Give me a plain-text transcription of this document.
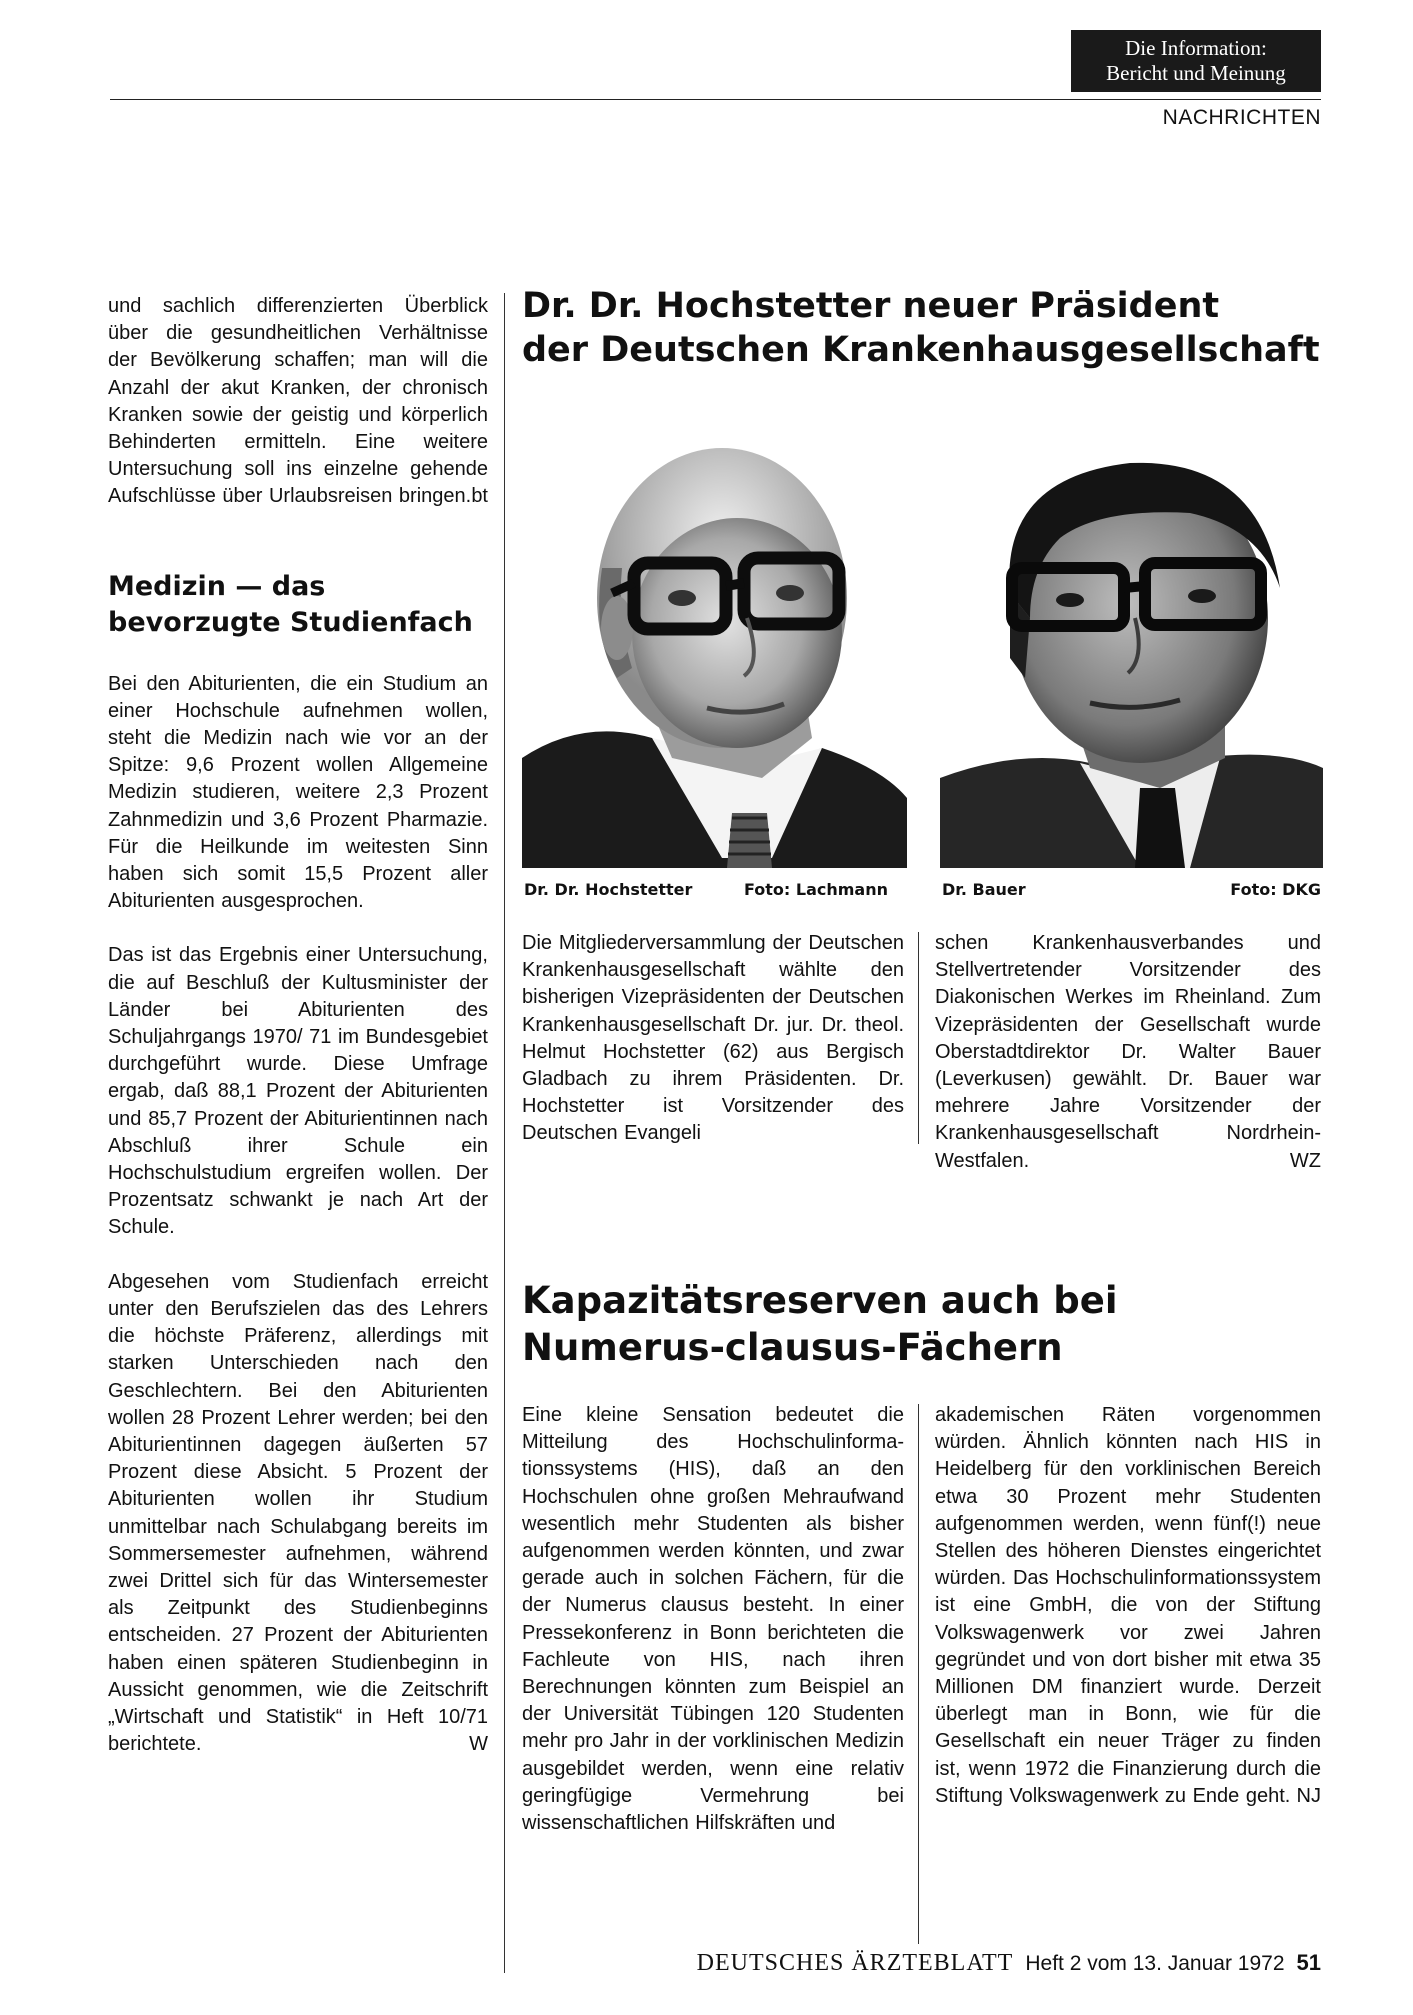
Die Information:
Bericht und Meinung
NACHRICHTEN

und sachlich differenzierten Überblick über die gesundheitlichen Verhältnisse der Bevölkerung schaffen; man will die Anzahl der akut Kranken, der chronisch Kranken sowie der geistig und körperlich Behinderten ermitteln. Eine weitere Untersuchung soll ins einzelne gehende Aufschlüsse über Urlaubsreisen bringen. bt

Medizin — das
bevorzugte Studienfach

Bei den Abiturienten, die ein Studium an einer Hochschule aufnehmen wollen, steht die Medizin nach wie vor an der Spitze: 9,6 Prozent wollen Allgemeine Medizin studieren, weitere 2,3 Prozent Zahnmedizin und 3,6 Prozent Pharmazie. Für die Heilkunde im weitesten Sinn haben sich somit 15,5 Prozent aller Abiturienten ausgesprochen.

Das ist das Ergebnis einer Untersuchung, die auf Beschluß der Kultusminister der Länder bei Abiturienten des Schuljahrgangs 1970/ 71 im Bundesgebiet durchgeführt wurde. Diese Umfrage ergab, daß 88,1 Prozent der Abiturienten und 85,7 Prozent der Abiturientinnen nach Abschluß ihrer Schule ein Hochschulstudium ergreifen wollen. Der Prozentsatz schwankt je nach Art der Schule.

Abgesehen vom Studienfach erreicht unter den Berufszielen das des Lehrers die höchste Präferenz, allerdings mit starken Unterschieden nach den Geschlechtern. Bei den Abiturienten wollen 28 Prozent Lehrer werden; bei den Abiturientinnen dagegen äußerten 57 Prozent diese Absicht. 5 Prozent der Abiturienten wollen ihr Studium unmittelbar nach Schulabgang bereits im Sommersemester aufnehmen, während zwei Drittel sich für das Wintersemester als Zeitpunkt des Studienbeginns entscheiden. 27 Prozent der Abiturienten haben einen späteren Studienbeginn in Aussicht genommen, wie die Zeitschrift „Wirtschaft und Statistik“ in Heft 10/71 berichtete.	W

Dr. Dr. Hochstetter neuer Präsident
der Deutschen Krankenhausgesellschaft
Dr. Dr. Hochstetter	Foto: Lachmann	Dr. Bauer	Foto: DKG

Die Mitgliederversammlung der Deutschen Krankenhausgesellschaft wählte den bisherigen Vizepräsidenten der Deutschen Krankenhausgesellschaft Dr. jur. Dr. theol. Helmut Hochstetter (62) aus Bergisch Gladbach zu ihrem Präsidenten. Dr. Hochstetter ist Vorsitzender des Deutschen Evangeli

schen Krankenhausverbandes und Stellvertretender Vorsitzender des Diakonischen Werkes im Rheinland. Zum Vizepräsidenten der Gesellschaft wurde Oberstadtdirektor Dr. Walter Bauer (Leverkusen) gewählt. Dr. Bauer war mehrere Jahre Vorsitzender der Krankenhausgesellschaft Nordrhein-Westfalen.	WZ

Kapazitätsreserven auch bei
Numerus-clausus-Fächern

Eine kleine Sensation bedeutet die Mitteilung des Hochschulinformationssystems (HIS), daß an den Hochschulen ohne großen Mehraufwand wesentlich mehr Studenten als bisher aufgenommen werden könnten, und zwar gerade auch in solchen Fächern, für die der Numerus clausus besteht. In einer Pressekonferenz in Bonn berichteten die Fachleute von HIS, nach ihren Berechnungen könnten zum Beispiel an der Universität Tübingen 120 Studenten mehr pro Jahr in der vorklinischen Medizin ausgebildet werden, wenn eine relativ geringfügige Vermehrung bei wissenschaftlichen Hilfskräften und

akademischen Räten vorgenommen würden. Ähnlich könnten nach HIS in Heidelberg für den vorklinischen Bereich etwa 30 Prozent mehr Studenten aufgenommen werden, wenn fünf(!) neue Stellen des höheren Dienstes eingerichtet würden. Das Hochschulinformationssystem ist eine GmbH, die von der Stiftung Volkswagenwerk vor zwei Jahren gegründet und von dort bisher mit etwa 35 Millionen DM finanziert wurde. Derzeit überlegt man in Bonn, wie für die Gesellschaft ein neuer Träger zu finden ist, wenn 1972 die Finanzierung durch die Stiftung Volkswagenwerk zu Ende geht. NJ

DEUTSCHES ÄRZTEBLATT Heft 2 vom 13. Januar 1972 51
